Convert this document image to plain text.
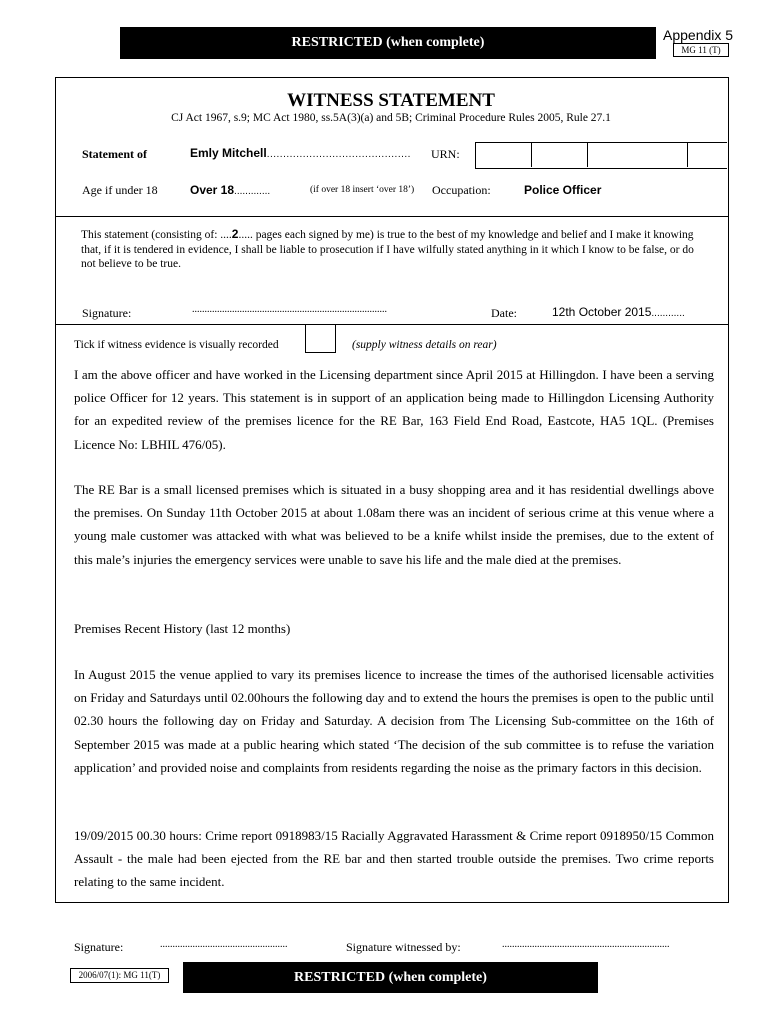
RESTRICTED (when complete)	Appendix 5
MG 11 (T)
WITNESS STATEMENT
CJ Act 1967, s.9; MC Act 1980, ss.5A(3)(a) and 5B; Criminal Procedure Rules 2005, Rule 27.1
Statement of	Emly Mitchell............................................ URN:
Age if under 18	Over 18.............	(if over 18 insert ‘over 18’) Occupation:	Police Officer
This statement (consisting of: ....2..... pages each signed by me) is true to the best of my knowledge and belief and I make it knowing that, if it is tendered in evidence, I shall be liable to prosecution if I have wilfully stated anything in it which I know to be false, or do not believe to be true.
Signature:	..............................................................................	Date:	12th October 2015............
Tick if witness evidence is visually recorded	(supply witness details on rear)
I am the above officer and have worked in the Licensing department since April 2015 at Hillingdon. I have been a serving police Officer for 12 years. This statement is in support of an application being made to Hillingdon Licensing Authority for an expedited review of the premises licence for the RE Bar, 163 Field End Road, Eastcote, HA5 1QL. (Premises Licence No: LBHIL 476/05).
The RE Bar is a small licensed premises which is situated in a busy shopping area and it has residential dwellings above the premises. On Sunday 11th October 2015 at about 1.08am there was an incident of serious crime at this venue where a young male customer was attacked with what was believed to be a knife whilst inside the premises, due to the extent of this male’s injuries the emergency services were unable to save his life and the male died at the premises.
Premises Recent History (last 12 months)
In August 2015 the venue applied to vary its premises licence to increase the times of the authorised licensable activities on Friday and Saturdays until 02.00hours the following day and to extend the hours the premises is open to the public until 02.30 hours the following day on Friday and Saturday. A decision from The Licensing Sub-committee on the 16th of September 2015 was made at a public hearing which stated ‘The decision of the sub committee is to refuse the variation application’ and provided noise and complaints from residents regarding the noise as the primary factors in this decision.
19/09/2015 00.30 hours: Crime report 0918983/15 Racially Aggravated Harassment & Crime report 0918950/15 Common Assault - the male had been ejected from the RE bar and then started trouble outside the premises. Two crime reports relating to the same incident.
Signature:	...................................................	Signature witnessed by:	...................................................................
2006/07(1): MG 11(T)	RESTRICTED (when complete)
